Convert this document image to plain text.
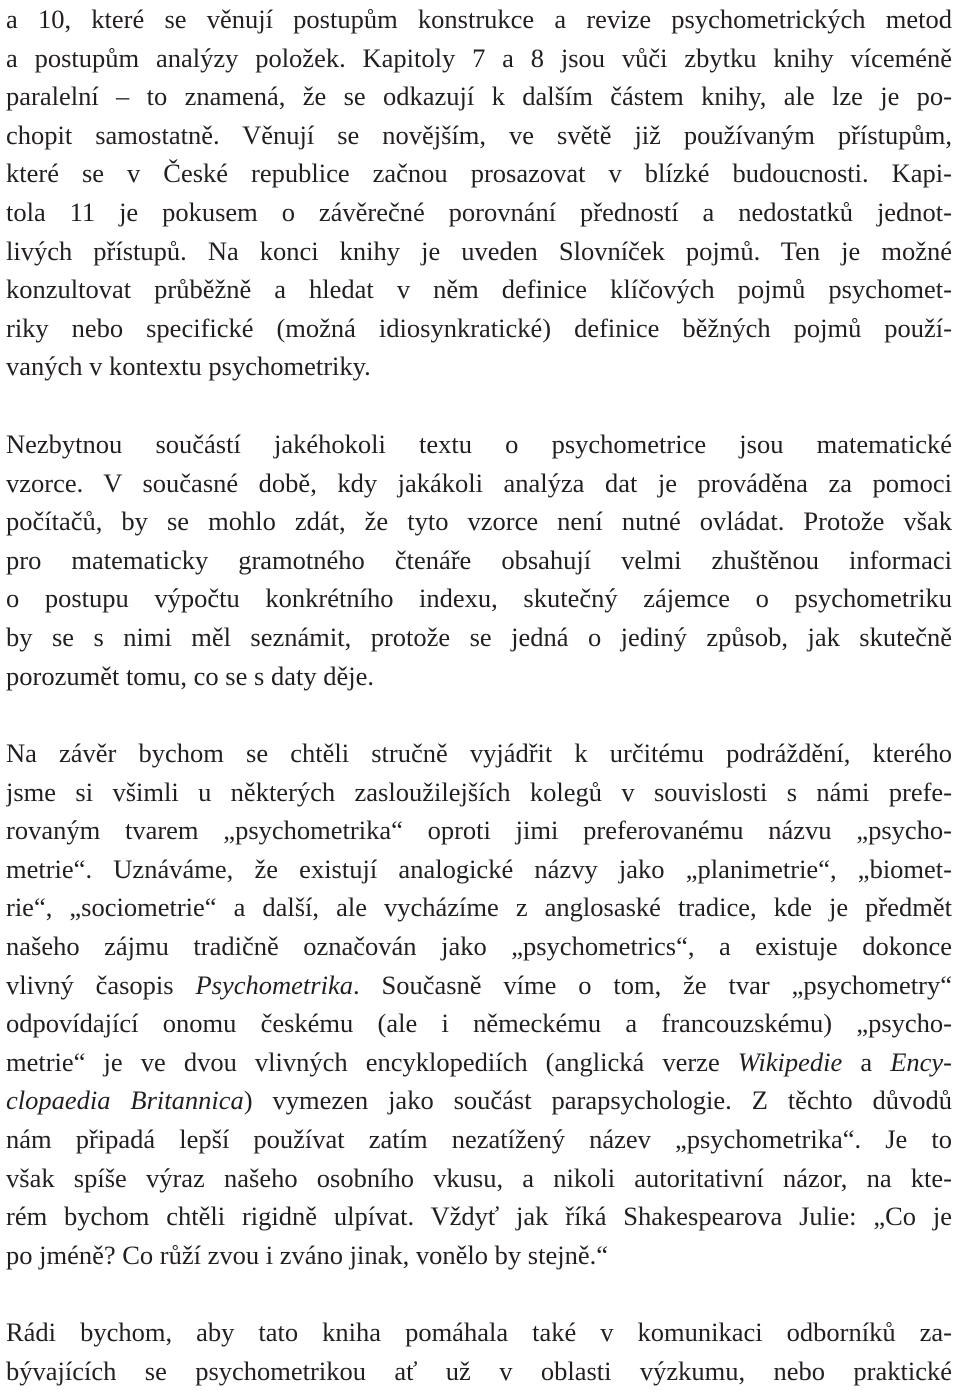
a 10, které se věnují postupům konstrukce a revize psychometrických metod
a postupům analýzy položek. Kapitoly 7 a 8 jsou vůči zbytku knihy víceméně
paralelní – to znamená, že se odkazují k dalším částem knihy, ale lze je po-
chopit samostatně. Věnují se novějším, ve světě již používaným přístupům,
které se v České republice začnou prosazovat v blízké budoucnosti. Kapi-
tola 11 je pokusem o závěrečné porovnání předností a nedostatků jednot-
livých přístupů. Na konci knihy je uveden Slovníček pojmů. Ten je možné
konzultovat průběžně a hledat v něm definice klíčových pojmů psychomet-
riky nebo specifické (možná idiosynkratické) definice běžných pojmů použí-
vaných v kontextu psychometriky.
Nezbytnou součástí jakéhokoli textu o psychometrice jsou matematické
vzorce. V současné době, kdy jakákoli analýza dat je prováděna za pomoci
počítačů, by se mohlo zdát, že tyto vzorce není nutné ovládat. Protože však
pro matematicky gramotného čtenáře obsahují velmi zhuštěnou informaci
o postupu výpočtu konkrétního indexu, skutečný zájemce o psychometriku
by se s nimi měl seznámit, protože se jedná o jediný způsob, jak skutečně
porozumět tomu, co se s daty děje.
Na závěr bychom se chtěli stručně vyjádřit k určitému podráždění, kterého
jsme si všimli u některých zasloužilejších kolegů v souvislosti s námi prefe-
rovaným tvarem „psychometrika“ oproti jimi preferovanému názvu „psycho-
metrie“. Uznáváme, že existují analogické názvy jako „planimetrie“, „biomet-
rie“, „sociometrie“ a další, ale vycházíme z anglosaské tradice, kde je předmět
našeho zájmu tradičně označován jako „psychometrics“, a existuje dokonce
vlivný časopis Psychometrika. Současně víme o tom, že tvar „psychometry“
odpovídající onomu českému (ale i německému a francouzskému) „psycho-
metrie“ je ve dvou vlivných encyklopediích (anglická verze Wikipedie a Ency-
clopaedia Britannica) vymezen jako součást parapsychologie. Z těchto důvodů
nám připadá lepší používat zatím nezatížený název „psychometrika“. Je to
však spíše výraz našeho osobního vkusu, a nikoli autoritativní názor, na kte-
rém bychom chtěli rigidně ulpívat. Vždyť jak říká Shakespearova Julie: „Co je
po jméně? Co růží zvou i zváno jinak, vonělo by stejně.“
Rádi bychom, aby tato kniha pomáhala také v komunikaci odborníků za-
bývajících se psychometrikou ať už v oblasti výzkumu, nebo praktické
